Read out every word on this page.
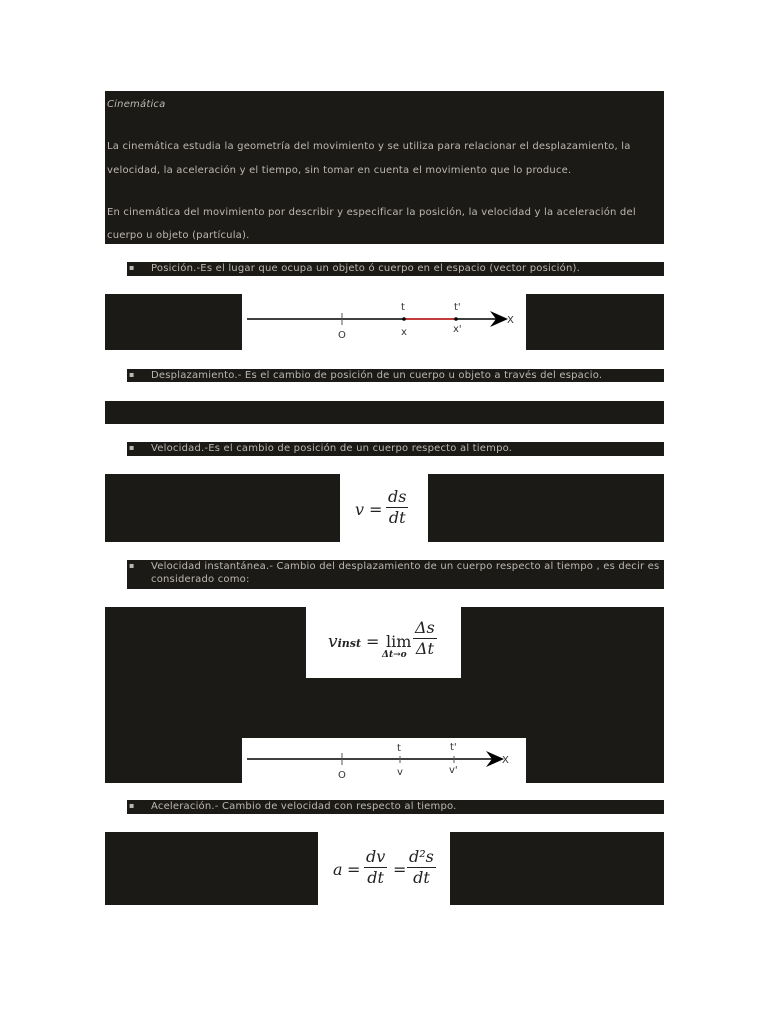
Cinemática
La cinemática estudia la geometría del movimiento y se utiliza para relacionar el desplazamiento, la
velocidad, la aceleración y el tiempo, sin tomar en cuenta el movimiento que lo produce.
En cinemática del movimiento por describir y especificar la posición, la velocidad y la aceleración del
cuerpo u objeto (partícula).
▪ Posición.-Es el lugar que ocupa un objeto ó cuerpo en el espacio (vector posición).
O
t	t'
x	x'
X
▪ Desplazamiento.- Es el cambio de posición de un cuerpo u objeto a través del espacio.
▪ Velocidad.-Es el cambio de posición de un cuerpo respecto al tiempo.
$v = \frac{ds}{dt}$
▪ Velocidad instantánea.- Cambio del desplazamiento de un cuerpo respecto al tiempo , es decir es
considerado como:
vinst = lim
$\Delta t\to o \frac{\Delta s}{\Delta t}$
O
t	t'
v	v'
X
▪ Aceleración.- Cambio de velocidad con respecto al tiempo.
$a = \frac{dv}{dt} = \frac{\text{d²s}}{dt}$
